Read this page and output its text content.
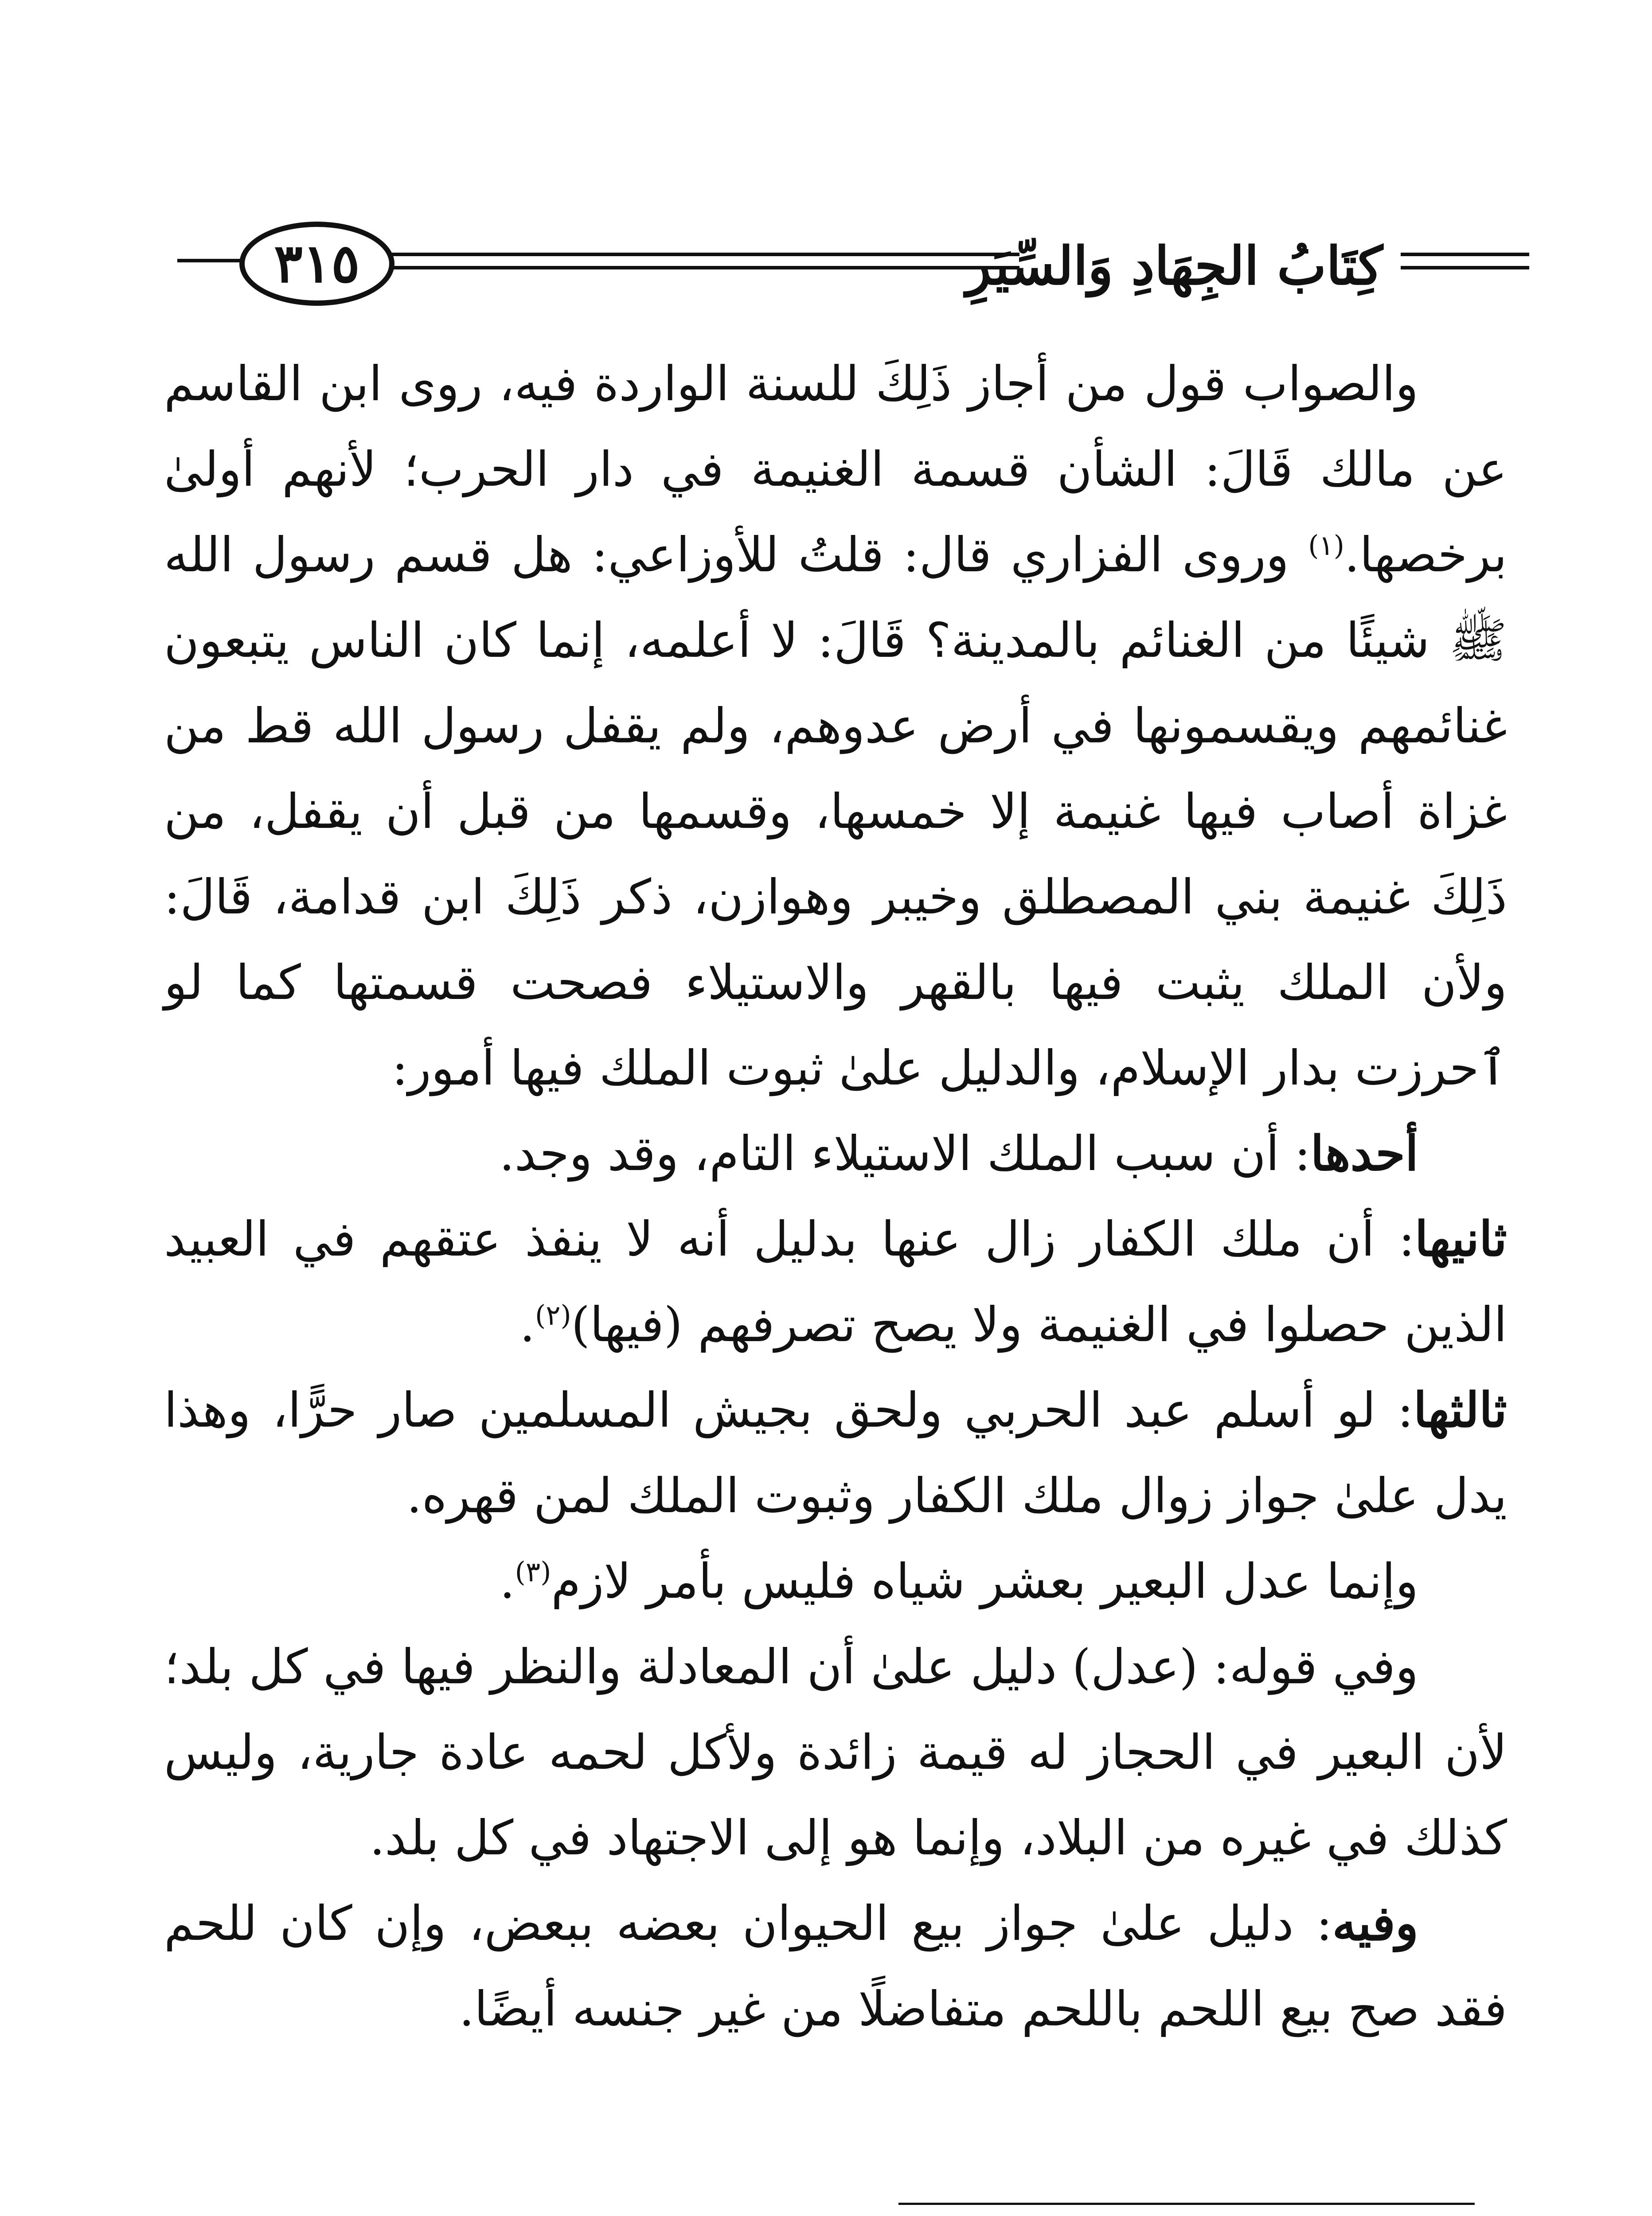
كِتَابُ الجِهَادِ وَالسِّيَرِ
٣١٥

والصواب قول من أجاز ذَلِكَ للسنة الواردة فيه، روى ابن القاسم عن مالك قَالَ: الشأن قسمة الغنيمة في دار الحرب؛ لأنهم أولىٰ برخصها.$^{(١)}$ وروى الفزاري قال: قلتُ للأوزاعي: هل قسم رسول الله ﷺ شيئًا من الغنائم بالمدينة؟ قَالَ: لا أعلمه، إنما كان الناس يتبعون غنائمهم ويقسمونها في أرض عدوهم، ولم يقفل رسول الله قط من غزاة أصاب فيها غنيمة إلا خمسها، وقسمها من قبل أن يقفل، من ذَلِكَ غنيمة بني المصطلق وخيبر وهوازن، ذكر ذَلِكَ ابن قدامة، قَالَ: ولأن الملك يثبت فيها بالقهر والاستيلاء فصحت قسمتها كما لو ٱحرزت بدار الإسلام، والدليل علىٰ ثبوت الملك فيها أمور:

أحدها: أن سبب الملك الاستيلاء التام، وقد وجد.

ثانيها: أن ملك الكفار زال عنها بدليل أنه لا ينفذ عتقهم في العبيد الذين حصلوا في الغنيمة ولا يصح تصرفهم (فيها)$^{(٢)}$.

ثالثها: لو أسلم عبد الحربي ولحق بجيش المسلمين صار حرًّا، وهذا يدل علىٰ جواز زوال ملك الكفار وثبوت الملك لمن قهره.

وإنما عدل البعير بعشر شياه فليس بأمر لازم$^{(٣)}$.

وفي قوله: (عدل) دليل علىٰ أن المعادلة والنظر فيها في كل بلد؛ لأن البعير في الحجاز له قيمة زائدة ولأكل لحمه عادة جارية، وليس كذلك في غيره من البلاد، وإنما هو إلى الاجتهاد في كل بلد.

وفيه: دليل علىٰ جواز بيع الحيوان بعضه ببعض، وإن كان للحم فقد صح بيع اللحم باللحم متفاضلًا من غير جنسه أيضًا.
